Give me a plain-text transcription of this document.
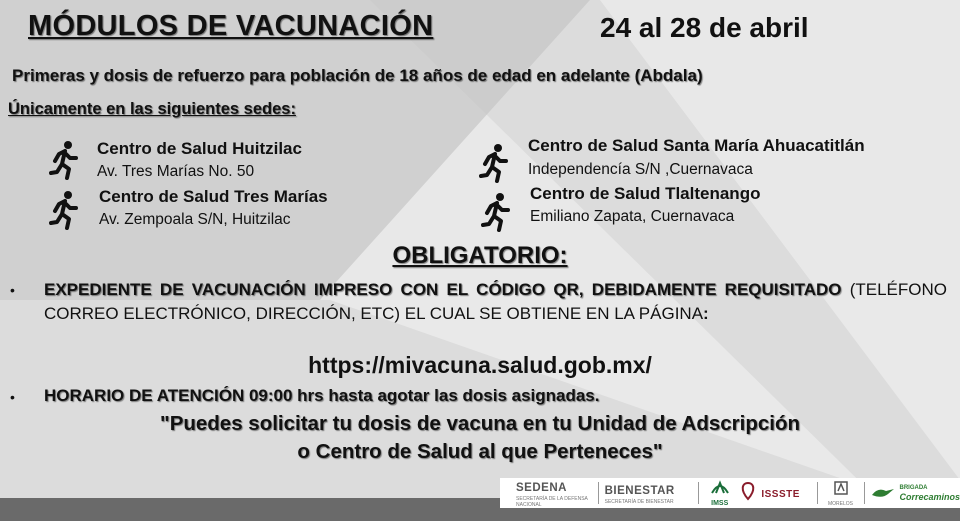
MÓDULOS DE VACUNACIÓN	24 al 28 de abril
Primeras y dosis de refuerzo para población de 18 años de edad en adelante (Abdala)
Únicamente en las siguientes sedes:
Centro de Salud Huitzilac
Av. Tres Marías No. 50
Centro de Salud Tres Marías
Av. Zempoala S/N, Huitzilac
Centro de Salud Santa María Ahuacatitlán
Independencía S/N ,Cuernavaca
Centro de Salud Tlaltenango
Emiliano Zapata, Cuernavaca
OBLIGATORIO:
• EXPEDIENTE DE VACUNACIÓN IMPRESO CON EL CÓDIGO QR, DEBIDAMENTE REQUISITADO (TELÉFONO CORREO ELECTRÓNICO, DIRECCIÓN, ETC) EL CUAL SE OBTIENE EN LA PÁGINA:
https://mivacuna.salud.gob.mx/
• HORARIO DE ATENCIÓN 09:00 hrs hasta agotar las dosis asignadas.
"Puedes solicitar tu dosis de vacuna en tu Unidad de Adscripción
o Centro de Salud al que Perteneces"
SEDENA
SECRETARÍA DE LA DEFENSA NACIONAL
BIENESTAR
SECRETARÍA DE BIENESTAR	IMSS
ISSSTE
MORELOS
BRIGADA
Correcaminos
